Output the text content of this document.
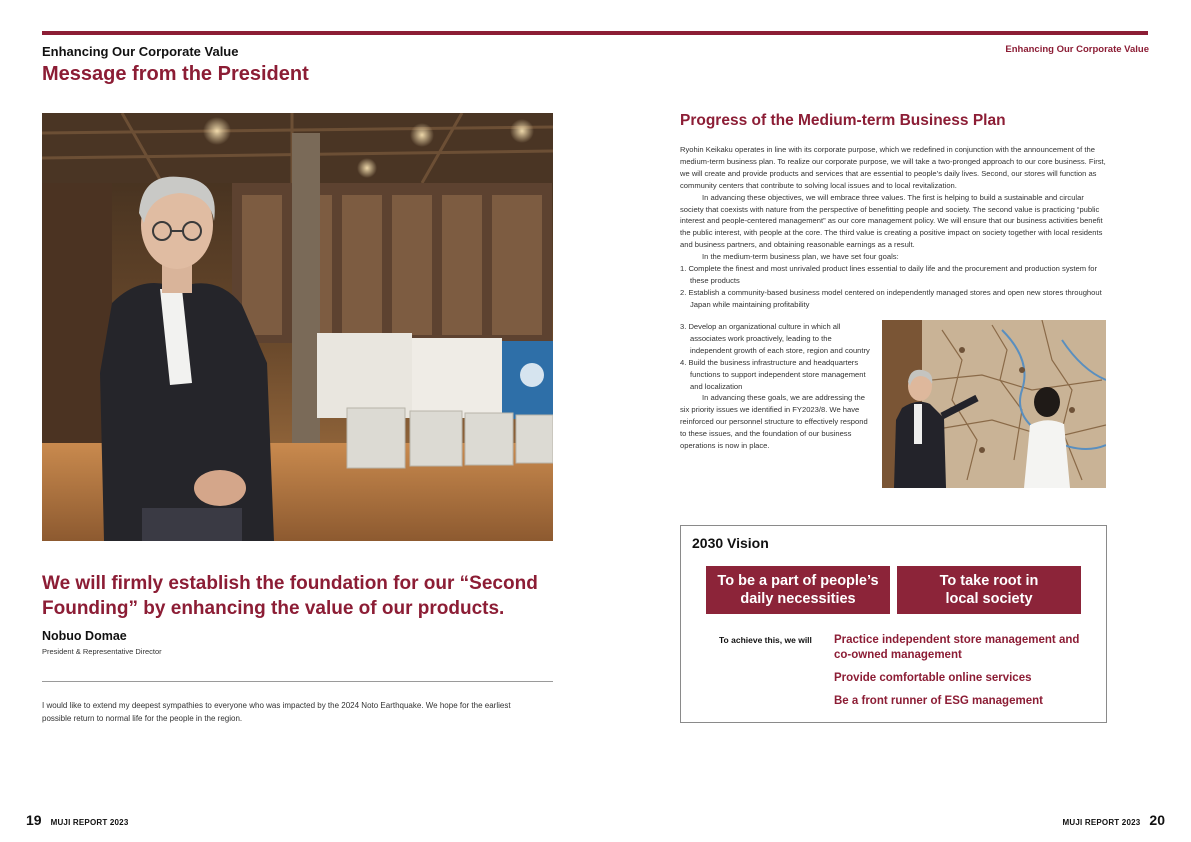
Enhancing Our Corporate Value	Enhancing Our Corporate Value
Message from the President
We will firmly establish the foundation for our “Second Founding” by enhancing the value of our products.
Nobuo Domae
President & Representative Director
I would like to extend my deepest sympathies to everyone who was impacted by the 2024 Noto Earthquake. We hope for the earliest possible return to normal life for the people in the region.
Progress of the Medium-term Business Plan

Ryohin Keikaku operates in line with its corporate purpose, which we redefined in conjunction with the announcement of the medium-term business plan. To realize our corporate purpose, we will take a two-pronged approach to our core business. First, we will create and provide products and services that are essential to people’s daily lives. Second, our stores will function as community centers that contribute to solving local issues and to local revitalization.

In advancing these objectives, we will embrace three values. The first is helping to build a sustainable and circular society that coexists with nature from the perspective of benefitting people and society. The second value is practicing “public interest and people-centered management” as our core management policy. We will ensure that our business activities benefit the public interest, with people at the core. The third value is creating a positive impact on society together with local residents and business partners, and obtaining reasonable earnings as a result.

In the medium-term business plan, we have set four goals:

1. Complete the finest and most unrivaled product lines essential to daily life and the procurement and production system for these products

2. Establish a community-based business model centered on independently managed stores and open new stores throughout Japan while maintaining profitability

3. Develop an organizational culture in which all associates work proactively, leading to the independent growth of each store, region and country

4. Build the business infrastructure and headquarters functions to support independent store management and localization

In advancing these goals, we are addressing the six priority issues we identified in FY2023/8. We have reinforced our personnel structure to effectively respond to these issues, and the foundation of our business operations is now in place.

2030 Vision
To be a part of people’s
daily necessities
To take root in
local society
To achieve this, we will Practice independent store management and co-owned management
Provide comfortable online services
Be a front runner of ESG management
19 MUJI REPORT 2023	MUJI REPORT 2023 20
